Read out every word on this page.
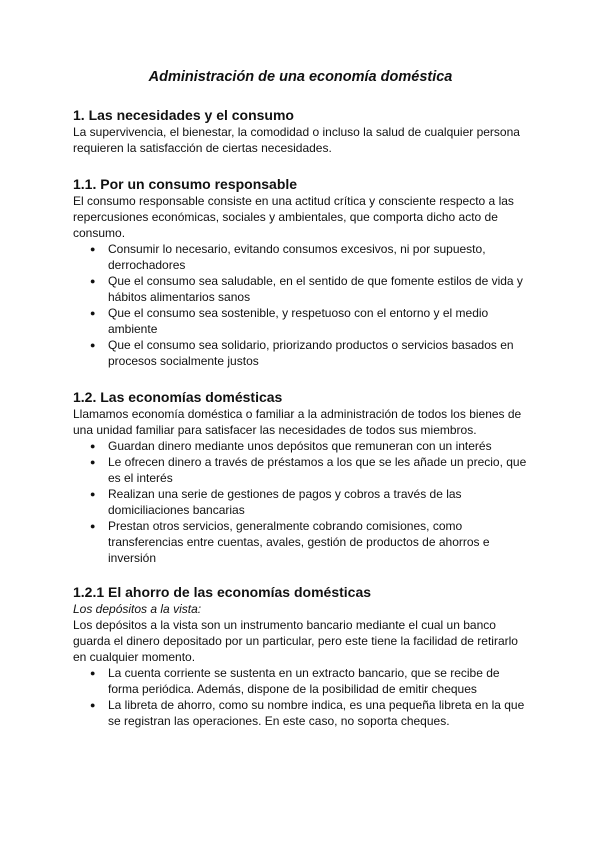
Administración de una economía doméstica
1. Las necesidades y el consumo

La supervivencia, el bienestar, la comodidad o incluso la salud de cualquier persona requieren la satisfacción de ciertas necesidades.

1.1. Por un consumo responsable

El consumo responsable consiste en una actitud crítica y consciente respecto a las repercusiones económicas, sociales y ambientales, que comporta dicho acto de consumo.

● Consumir lo necesario, evitando consumos excesivos, ni por supuesto, derrochadores
● Que el consumo sea saludable, en el sentido de que fomente estilos de vida y hábitos alimentarios sanos
● Que el consumo sea sostenible, y respetuoso con el entorno y el medio ambiente
● Que el consumo sea solidario, priorizando productos o servicios basados en procesos socialmente justos
1.2. Las economías domésticas

Llamamos economía doméstica o familiar a la administración de todos los bienes de una unidad familiar para satisfacer las necesidades de todos sus miembros.

● Guardan dinero mediante unos depósitos que remuneran con un interés
● Le ofrecen dinero a través de préstamos a los que se les añade un precio, que es el interés
● Realizan una serie de gestiones de pagos y cobros a través de las domiciliaciones bancarias
● Prestan otros servicios, generalmente cobrando comisiones, como transferencias entre cuentas, avales, gestión de productos de ahorros e inversión
1.2.1 El ahorro de las economías domésticas

Los depósitos a la vista:

Los depósitos a la vista son un instrumento bancario mediante el cual un banco guarda el dinero depositado por un particular, pero este tiene la facilidad de retirarlo en cualquier momento.

● La cuenta corriente se sustenta en un extracto bancario, que se recibe de forma periódica. Además, dispone de la posibilidad de emitir cheques
● La libreta de ahorro, como su nombre indica, es una pequeña libreta en la que se registran las operaciones. En este caso, no soporta cheques.
